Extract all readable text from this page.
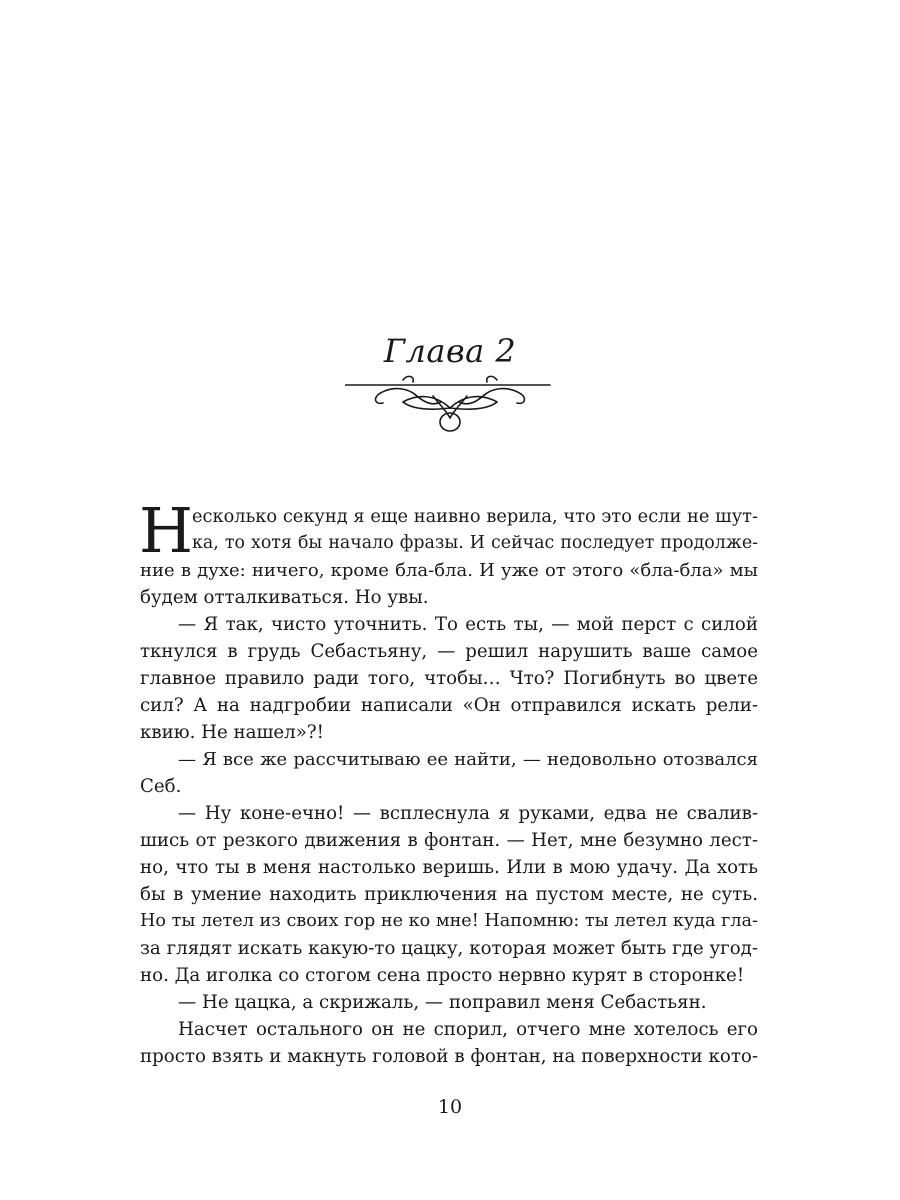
Глава 2
Н
есколько секунд я еще наивно верила, что это если не шут-
ка, то хотя бы начало фразы. И сейчас последует продолже-
ние в духе: ничего, кроме бла-бла. И уже от этого «бла-бла» мы
будем отталкиваться. Но увы.
— Я так, чисто уточнить. То есть ты, — мой перст с силой
ткнулся в грудь Себастьяну, — решил нарушить ваше самое
главное правило ради того, чтобы… Что? Погибнуть во цвете
сил? А на надгробии написали «Он отправился искать рели-
квию. Не нашел»?!
— Я все же рассчитываю ее найти, — недовольно отозвался
Себ.
— Ну коне-ечно! — всплеснула я руками, едва не свалив-
шись от резкого движения в фонтан. — Нет, мне безумно лест-
но, что ты в меня настолько веришь. Или в мою удачу. Да хоть
бы в умение находить приключения на пустом месте, не суть.
Но ты летел из своих гор не ко мне! Напомню: ты летел куда гла-
за глядят искать какую-то цацку, которая может быть где угод-
но. Да иголка со стогом сена просто нервно курят в сторонке!
— Не цацка, а скрижаль, — поправил меня Себастьян.
Насчет остального он не спорил, отчего мне хотелось его
просто взять и макнуть головой в фонтан, на поверхности кото-
10
